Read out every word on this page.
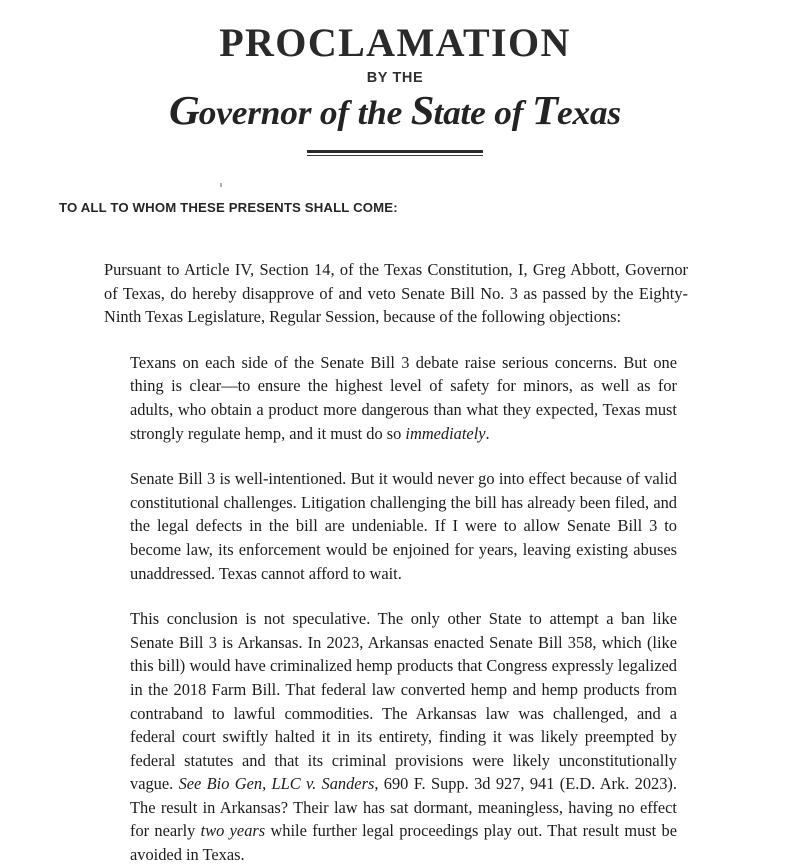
PROCLAMATION
BY THE
Governor of the State of Texas
TO ALL TO WHOM THESE PRESENTS SHALL COME:

Pursuant to Article IV, Section 14, of the Texas Constitution, I, Greg Abbott, Governor of Texas, do hereby disapprove of and veto Senate Bill No. 3 as passed by the Eighty-Ninth Texas Legislature, Regular Session, because of the following objections:

Texans on each side of the Senate Bill 3 debate raise serious concerns. But one thing is clear—to ensure the highest level of safety for minors, as well as for adults, who obtain a product more dangerous than what they expected, Texas must strongly regulate hemp, and it must do so immediately.

Senate Bill 3 is well-intentioned. But it would never go into effect because of valid constitutional challenges. Litigation challenging the bill has already been filed, and the legal defects in the bill are undeniable. If I were to allow Senate Bill 3 to become law, its enforcement would be enjoined for years, leaving existing abuses unaddressed. Texas cannot afford to wait.

This conclusion is not speculative. The only other State to attempt a ban like Senate Bill 3 is Arkansas. In 2023, Arkansas enacted Senate Bill 358, which (like this bill) would have criminalized hemp products that Congress expressly legalized in the 2018 Farm Bill. That federal law converted hemp and hemp products from contraband to lawful commodities. The Arkansas law was challenged, and a federal court swiftly halted it in its entirety, finding it was likely preempted by federal statutes and that its criminal provisions were likely unconstitutionally vague. See Bio Gen, LLC v. Sanders, 690 F. Supp. 3d 927, 941 (E.D. Ark. 2023). The result in Arkansas? Their law has sat dormant, meaningless, having no effect for nearly two years while further legal proceedings play out. That result must be avoided in Texas.
